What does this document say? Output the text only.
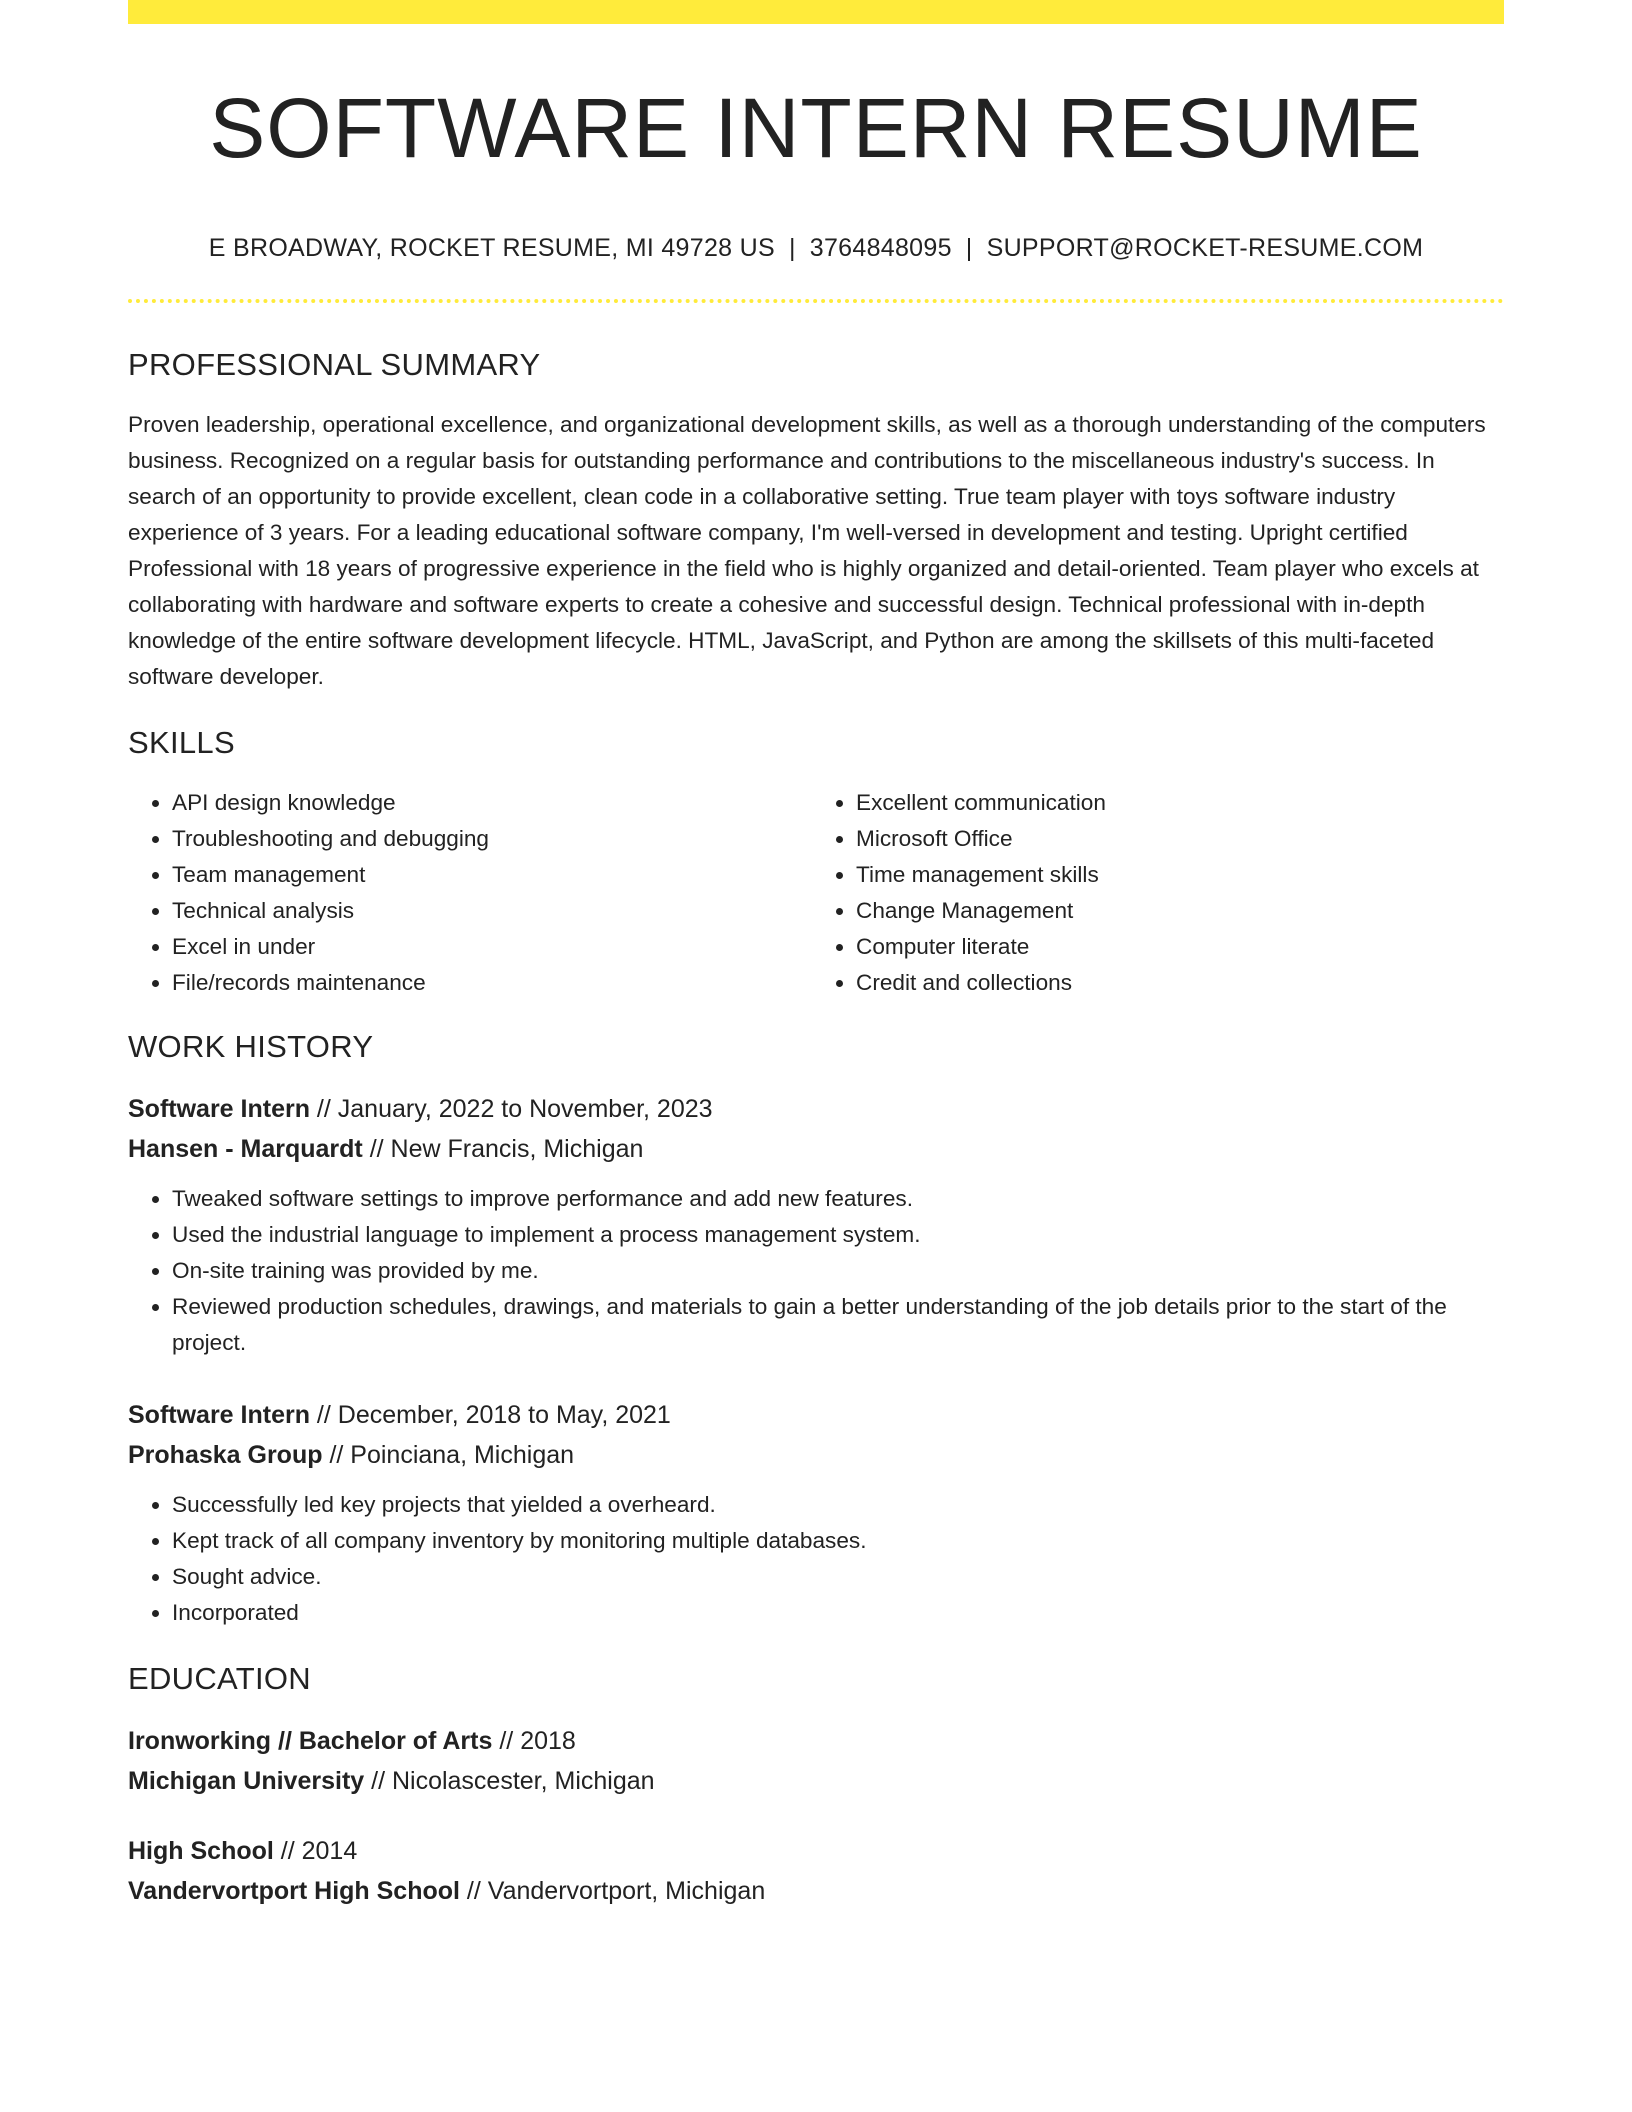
SOFTWARE INTERN RESUME
E BROADWAY, ROCKET RESUME, MI 49728 US | 3764848095 | SUPPORT@ROCKET-RESUME.COM
PROFESSIONAL SUMMARY
Proven leadership, operational excellence, and organizational development skills, as well as a thorough understanding of the computers business. Recognized on a regular basis for outstanding performance and contributions to the miscellaneous industry's success. In search of an opportunity to provide excellent, clean code in a collaborative setting. True team player with toys software industry experience of 3 years. For a leading educational software company, I'm well-versed in development and testing. Upright certified Professional with 18 years of progressive experience in the field who is highly organized and detail-oriented. Team player who excels at collaborating with hardware and software experts to create a cohesive and successful design. Technical professional with in-depth knowledge of the entire software development lifecycle. HTML, JavaScript, and Python are among the skillsets of this multi-faceted software developer.
SKILLS
• API design knowledge
• Troubleshooting and debugging
• Team management
• Technical analysis
• Excel in under
• File/records maintenance
• Excellent communication
• Microsoft Office
• Time management skills
• Change Management
• Computer literate
• Credit and collections
WORK HISTORY
Software Intern // January, 2022 to November, 2023
Hansen - Marquardt // New Francis, Michigan
• Tweaked software settings to improve performance and add new features.
• Used the industrial language to implement a process management system.
• On-site training was provided by me.
• Reviewed production schedules, drawings, and materials to gain a better understanding of the job details prior to the start of the project.
Software Intern // December, 2018 to May, 2021
Prohaska Group // Poinciana, Michigan
• Successfully led key projects that yielded a overheard.
• Kept track of all company inventory by monitoring multiple databases.
• Sought advice.
• Incorporated
EDUCATION
Ironworking // Bachelor of Arts // 2018
Michigan University // Nicolascester, Michigan
High School // 2014
Vandervortport High School // Vandervortport, Michigan
